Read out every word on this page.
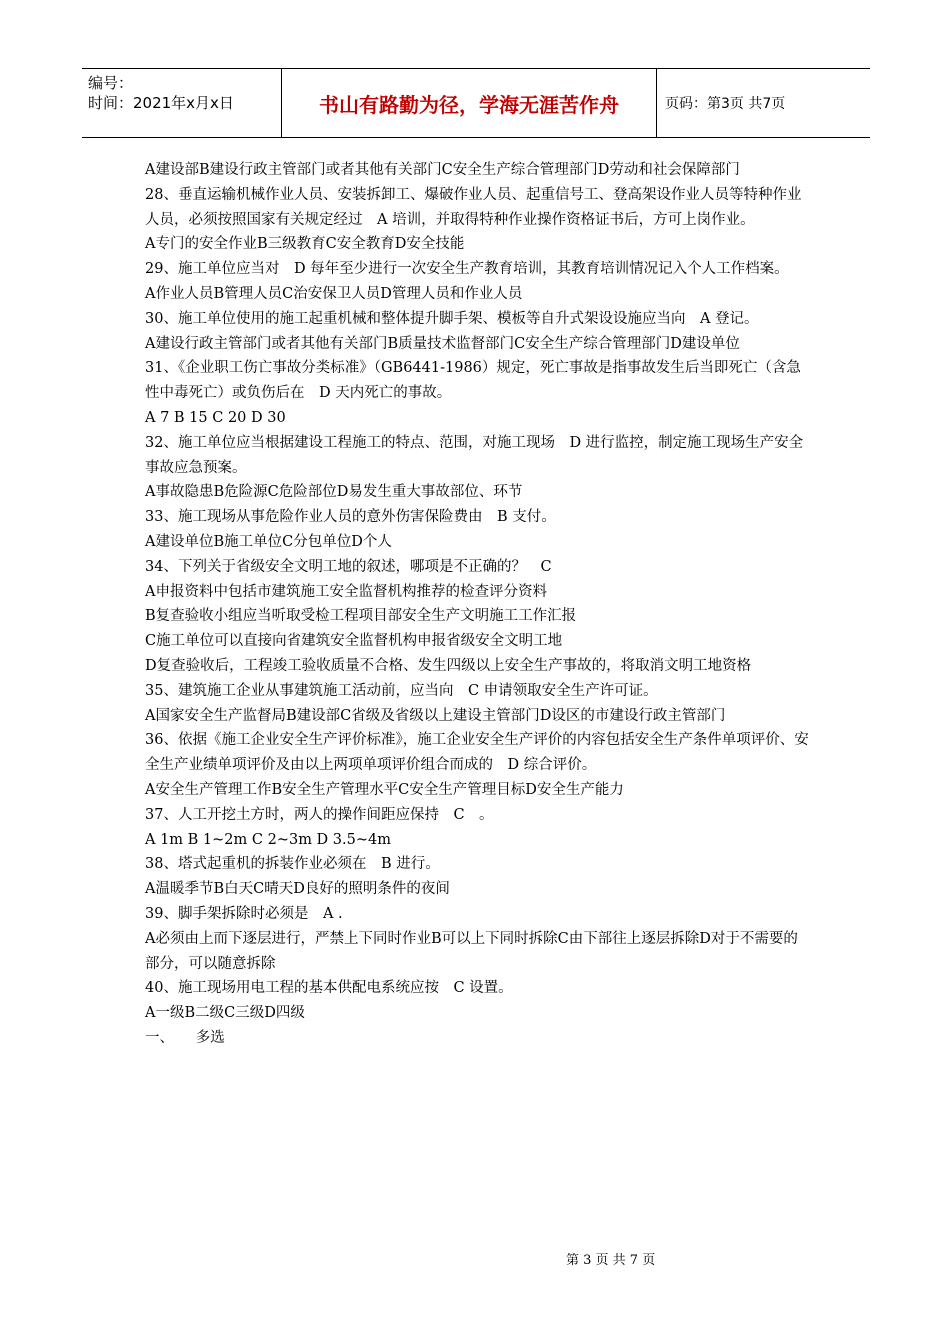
编号：
时间：2021年x月x日	书山有路勤为径，学海无涯苦作舟	页码：第3页 共7页

A建设部B建设行政主管部门或者其他有关部门C安全生产综合管理部门D劳动和社会保障部门

28、垂直运输机械作业人员、安装拆卸工、爆破作业人员、起重信号工、登高架设作业人员等特种作业人员，必须按照国家有关规定经过　A 培训，并取得特种作业操作资格证书后，方可上岗作业。

A专门的安全作业B三级教育C安全教育D安全技能

29、施工单位应当对　D 每年至少进行一次安全生产教育培训，其教育培训情况记入个人工作档案。

A作业人员B管理人员C治安保卫人员D管理人员和作业人员

30、施工单位使用的施工起重机械和整体提升脚手架、模板等自升式架设设施应当向　A 登记。

A建设行政主管部门或者其他有关部门B质量技术监督部门C安全生产综合管理部门D建设单位

31、《企业职工伤亡事故分类标准》（GB6441-1986）规定，死亡事故是指事故发生后当即死亡（含急性中毒死亡）或负伤后在　D 天内死亡的事故。

A 7 B 15 C 20 D 30

32、施工单位应当根据建设工程施工的特点、范围，对施工现场　D 进行监控，制定施工现场生产安全事故应急预案。

A事故隐患B危险源C危险部位D易发生重大事故部位、环节

33、施工现场从事危险作业人员的意外伤害保险费由　B 支付。

A建设单位B施工单位C分包单位D个人

34、下列关于省级安全文明工地的叙述，哪项是不正确的？　C

A申报资料中包括市建筑施工安全监督机构推荐的检查评分资料

B复查验收小组应当听取受检工程项目部安全生产文明施工工作汇报

C施工单位可以直接向省建筑安全监督机构申报省级安全文明工地

D复查验收后，工程竣工验收质量不合格、发生四级以上安全生产事故的，将取消文明工地资格

35、建筑施工企业从事建筑施工活动前，应当向　C 申请领取安全生产许可证。

A国家安全生产监督局B建设部C省级及省级以上建设主管部门D设区的市建设行政主管部门

36、依据《施工企业安全生产评价标准》，施工企业安全生产评价的内容包括安全生产条件单项评价、安全生产业绩单项评价及由以上两项单项评价组合而成的　D 综合评价。

A安全生产管理工作B安全生产管理水平C安全生产管理目标D安全生产能力

37、人工开挖土方时，两人的操作间距应保持　C　。

A 1m B 1~2m C 2~3m D 3.5~4m

38、塔式起重机的拆装作业必须在　B 进行。

A温暖季节B白天C晴天D良好的照明条件的夜间

39、脚手架拆除时必须是　A .

A必须由上而下逐层进行，严禁上下同时作业B可以上下同时拆除C由下部往上逐层拆除D对于不需要的部分，可以随意拆除

40、施工现场用电工程的基本供配电系统应按　C 设置。

A一级B二级C三级D四级

一、　　多选

第 3 页 共 7 页
